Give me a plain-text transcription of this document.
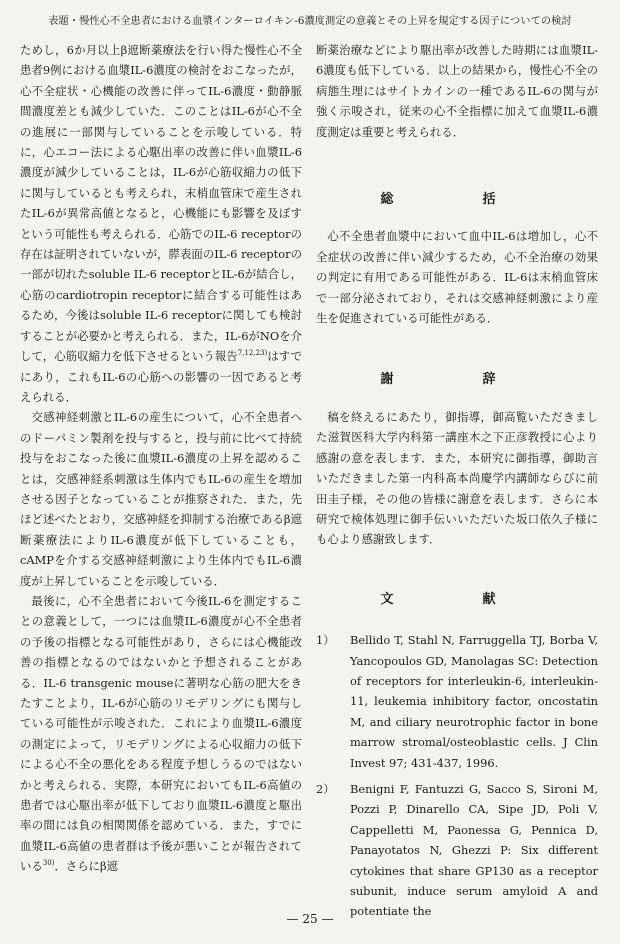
表題・慢性心不全患者における血漿インターロイキン-6濃度測定の意義とその上昇を規定する因子についての検討

ためし，6か月以上β遮断薬療法を行い得た慢性心不全患者9例における血漿IL-6濃度の検討をおこなったが，心不全症状・心機能の改善に伴ってIL-6濃度・動静脈間濃度差とも減少していた．このことはIL-6が心不全の進展に一部関与していることを示唆している．特に，心エコー法による心駆出率の改善に伴い血漿IL-6濃度が減少していることは，IL-6が心筋収縮力の低下に関与しているとも考えられ，末梢血管床で産生されたIL-6が異常高値となると，心機能にも影響を及ぼすという可能性も考えられる．心筋でのIL-6 receptorの存在は証明されていないが，膵表面のIL-6 receptorの一部が切れたsoluble IL-6 receptorとIL-6が結合し，心筋のcardiotropin receptorに結合する可能性はあるため，今後はsoluble IL-6 receptorに関しても検討することが必要かと考えられる．また，IL-6がNOを介して，心筋収縮力を低下させるという報告$^{7,12,23)}$はすでにあり，これもIL-6の心筋への影響の一因であると考えられる．

交感神経刺激とIL-6の産生について，心不全患者へのドーパミン製剤を投与すると，投与前に比べて持続投与をおこなった後に血漿IL-6濃度の上昇を認めることは，交感神経系刺激は生体内でもIL-6の産生を増加させる因子となっていることが推察された．また，先ほど述べたとおり，交感神経を抑制する治療であるβ遮断薬療法によりIL-6濃度が低下していることも，cAMPを介する交感神経刺激により生体内でもIL-6濃度が上昇していることを示唆している．

最後に，心不全患者において今後IL-6を測定することの意義として，一つには血漿IL-6濃度が心不全患者の予後の指標となる可能性があり，さらには心機能改善の指標となるのではないかと予想されることがある．IL-6 transgenic mouseに著明な心筋の肥大をきたすことより，IL-6が心筋のリモデリングにも関与している可能性が示唆された．これにより血漿IL-6濃度の測定によって，リモデリングによる心収縮力の低下による心不全の悪化をある程度予想しうるのではないかと考えられる．実際，本研究においてもIL-6高値の患者では心駆出率が低下しており血漿IL-6濃度と駆出率の間には負の相関関係を認めている．また，すでに血漿IL-6高値の患者群は予後が悪いことが報告されている$^{30)}$．さらにβ遮

断薬治療などにより駆出率が改善した時期には血漿IL-6濃度も低下している．以上の結果から，慢性心不全の病態生理にはサイトカインの一種であるIL-6の関与が強く示唆され，従来の心不全指標に加えて血漿IL-6濃度測定は重要と考えられる．

総　括

心不全患者血漿中において血中IL-6は増加し，心不全症状の改善に伴い減少するため，心不全治療の効果の判定に有用である可能性がある．IL-6は末梢血管床で一部分泌されており，それは交感神経刺激により産生を促進されている可能性がある．

謝　辞

稿を終えるにあたり，御指導，御高覧いただきました滋賀医科大学内科第一講座木之下正彦教授に心より感謝の意を表します．また，本研究に御指導，御助言いただきました第一内科髙本尚慶学内講師ならびに前田圭子様，その他の皆様に謝意を表します．さらに本研究で検体処理に御手伝いいただいた坂口依久子様にも心より感謝致します．

文　献

1） Bellido T, Stahl N, Farruggella TJ, Borba V, Yancopoulos GD, Manolagas SC: Detection of receptors for interleukin-6, interleukin-11, leukemia inhibitory factor, oncostatin M, and ciliary neurotrophic factor in bone marrow stromal/osteoblastic cells. J Clin Invest 97; 431-437, 1996.
2） Benigni F, Fantuzzi G, Sacco S, Sironi M, Pozzi P, Dinarello CA, Sipe JD, Poli V, Cappelletti M, Paonessa G, Pennica D, Panayotatos N, Ghezzi P: Six different cytokines that share GP130 as a receptor subunit, induce serum amyloid A and potentiate the
— 25 —
